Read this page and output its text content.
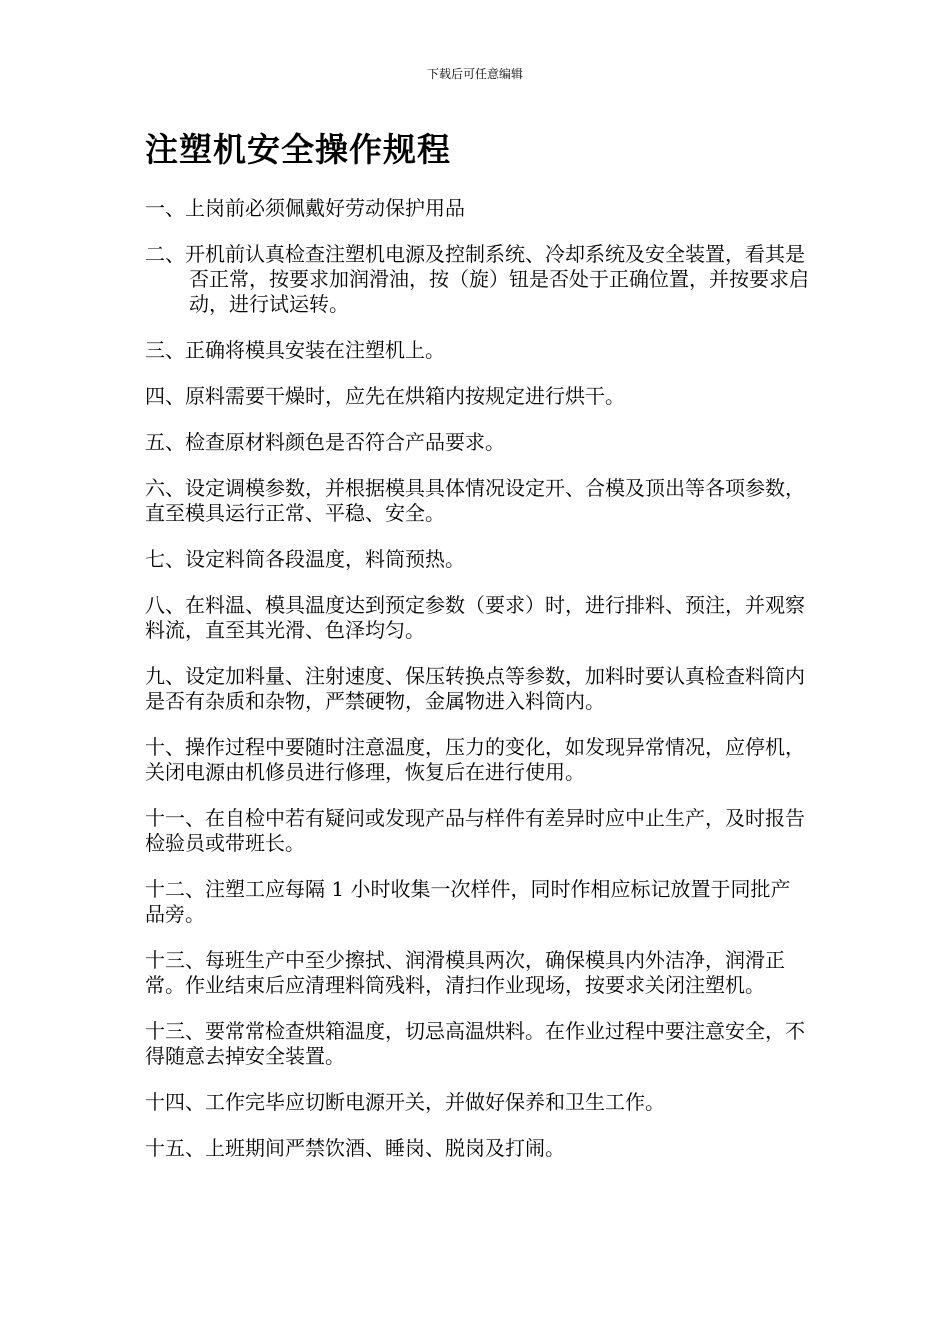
下载后可任意编辑
注塑机安全操作规程
一、上岗前必须佩戴好劳动保护用品
二、开机前认真检查注塑机电源及控制系统、冷却系统及安全装置，看其是否正常，按要求加润滑油，按（旋）钮是否处于正确位置，并按要求启动，进行试运转。
三、正确将模具安装在注塑机上。
四、原料需要干燥时，应先在烘箱内按规定进行烘干。
五、检查原材料颜色是否符合产品要求。
六、设定调模参数，并根据模具具体情况设定开、合模及顶出等各项参数，直至模具运行正常、平稳、安全。
七、设定料筒各段温度，料筒预热。
八、在料温、模具温度达到预定参数（要求）时，进行排料、预注，并观察料流，直至其光滑、色泽均匀。
九、设定加料量、注射速度、保压转换点等参数，加料时要认真检查料筒内是否有杂质和杂物，严禁硬物，金属物进入料筒内。
十、操作过程中要随时注意温度，压力的变化，如发现异常情况，应停机，关闭电源由机修员进行修理，恢复后在进行使用。
十一、在自检中若有疑问或发现产品与样件有差异时应中止生产，及时报告检验员或带班长。
十二、注塑工应每隔 1 小时收集一次样件，同时作相应标记放置于同批产品旁。
十三、每班生产中至少擦拭、润滑模具两次，确保模具内外洁净，润滑正常。作业结束后应清理料筒残料，清扫作业现场，按要求关闭注塑机。
十三、要常常检查烘箱温度，切忌高温烘料。在作业过程中要注意安全，不得随意去掉安全装置。
十四、工作完毕应切断电源开关，并做好保养和卫生工作。
十五、上班期间严禁饮酒、睡岗、脱岗及打闹。
